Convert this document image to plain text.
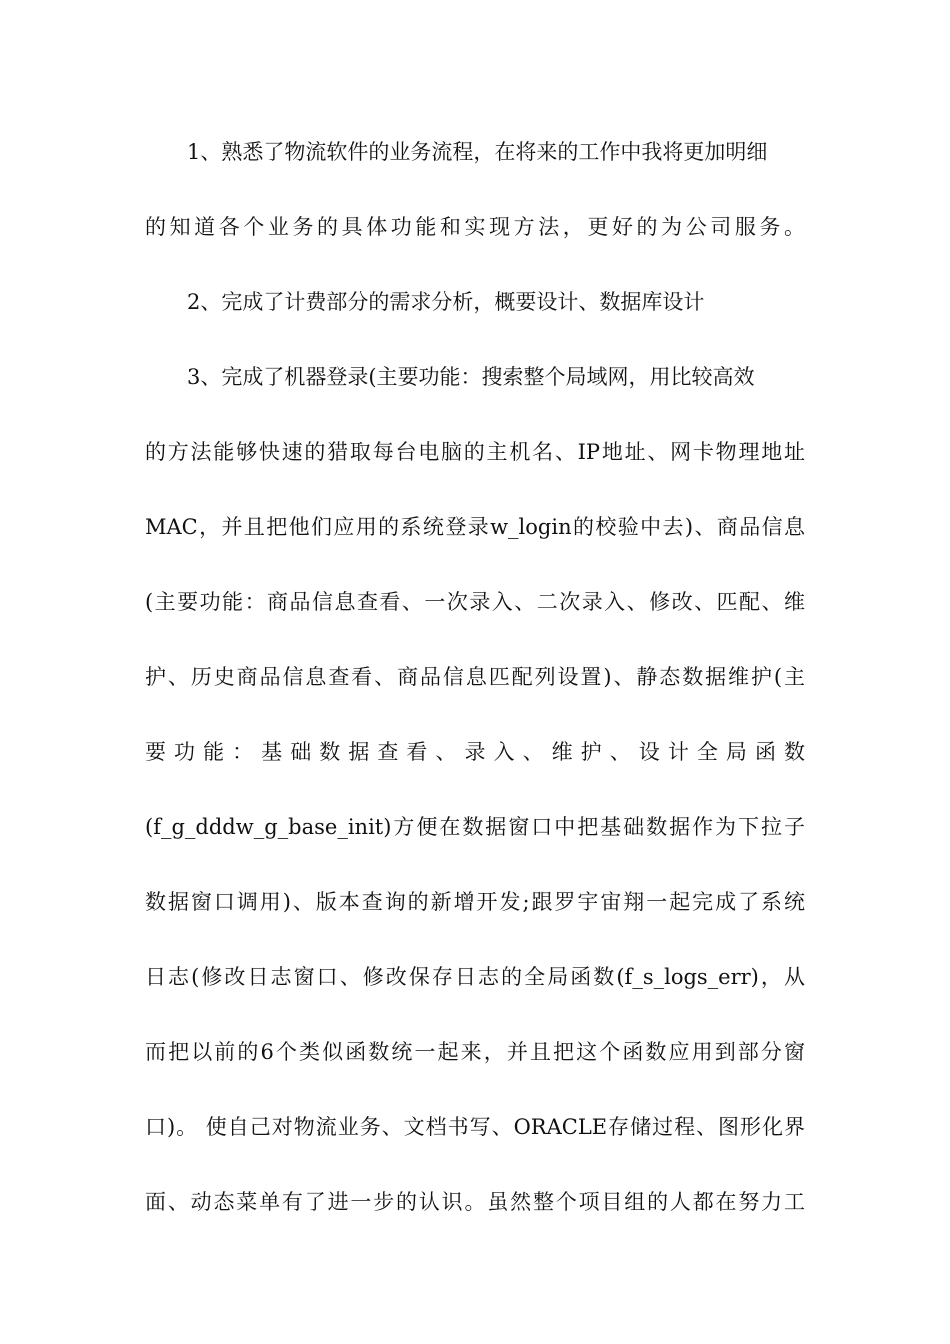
1、熟悉了物流软件的业务流程，在将来的工作中我将更加明细
的知道各个业务的具体功能和实现方法，更好的为公司服务。
2、完成了计费部分的需求分析，概要设计、数据库设计
3、完成了机器登录(主要功能：搜索整个局域网，用比较高效
的方法能够快速的猎取每台电脑的主机名、IP地址、网卡物理地址
MAC，并且把他们应用的系统登录w_login的校验中去)、商品信息
(主要功能：商品信息查看、一次录入、二次录入、修改、匹配、维
护、历史商品信息查看、商品信息匹配列设置)、静态数据维护(主
要 功 能 ： 基 础 数 据 查 看 、 录 入 、 维 护 、 设 计 全 局 函 数
(f_g_dddw_g_base_init)方便在数据窗口中把基础数据作为下拉子
数据窗口调用)、版本查询的新增开发;跟罗宇宙翔一起完成了系统
日志(修改日志窗口、修改保存日志的全局函数(f_s_logs_err)，从
而把以前的6个类似函数统一起来，并且把这个函数应用到部分窗
口)。 使自己对物流业务、文档书写、ORACLE存储过程、图形化界
面、动态菜单有了进一步的认识。虽然整个项目组的人都在努力工
